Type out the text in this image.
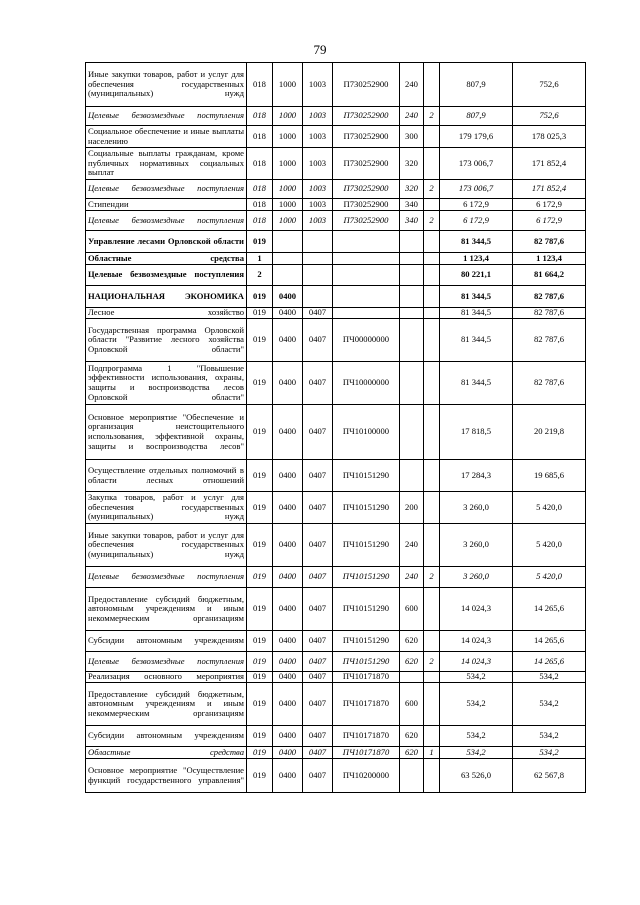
79
Иные закупки товаров, работ и услуг для обеспечения государственных (муниципальных) нужд	018	1000	1003	П730252900	240		807,9	752,6
Целевые безвозмездные поступления	018	1000	1003	П730252900	240	2	807,9	752,6
Социальное обеспечение и иные выплаты населению	018	1000	1003	П730252900	300		179 179,6	178 025,3
Социальные выплаты гражданам, кроме публичных нормативных социальных выплат	018	1000	1003	П730252900	320		173 006,7	171 852,4
Целевые безвозмездные поступления	018	1000	1003	П730252900	320	2	173 006,7	171 852,4
Стипендии	018	1000	1003	П730252900	340		6 172,9	6 172,9
Целевые безвозмездные поступления	018	1000	1003	П730252900	340	2	6 172,9	6 172,9
Управление лесами Орловской области	019						81 344,5	82 787,6
Областные средства	1						1 123,4	1 123,4
Целевые безвозмездные поступления	2						80 221,1	81 664,2
НАЦИОНАЛЬНАЯ ЭКОНОМИКА	019	0400					81 344,5	82 787,6
Лесное хозяйство	019	0400	0407				81 344,5	82 787,6
Государственная программа Орловской области "Развитие лесного хозяйства Орловской области"	019	0400	0407	ПЧ00000000			81 344,5	82 787,6
Подпрограмма 1 "Повышение эффективности использования, охраны, защиты и воспроизводства лесов Орловской области"	019	0400	0407	ПЧ10000000			81 344,5	82 787,6
Основное мероприятие "Обеспечение и организация неистощительного использования, эффективной охраны, защиты и воспроизводства лесов"	019	0400	0407	ПЧ10100000			17 818,5	20 219,8
Осуществление отдельных полномочий в области лесных отношений	019	0400	0407	ПЧ10151290			17 284,3	19 685,6
Закупка товаров, работ и услуг для обеспечения государственных (муниципальных) нужд	019	0400	0407	ПЧ10151290	200		3 260,0	5 420,0
Иные закупки товаров, работ и услуг для обеспечения государственных (муниципальных) нужд	019	0400	0407	ПЧ10151290	240		3 260,0	5 420,0
Целевые безвозмездные поступления	019	0400	0407	ПЧ10151290	240	2	3 260,0	5 420,0
Предоставление субсидий бюджетным, автономным учреждениям и иным некоммерческим организациям	019	0400	0407	ПЧ10151290	600		14 024,3	14 265,6
Субсидии автономным учреждениям	019	0400	0407	ПЧ10151290	620		14 024,3	14 265,6
Целевые безвозмездные поступления	019	0400	0407	ПЧ10151290	620	2	14 024,3	14 265,6
Реализация основного мероприятия	019	0400	0407	ПЧ10171870			534,2	534,2
Предоставление субсидий бюджетным, автономным учреждениям и иным некоммерческим организациям	019	0400	0407	ПЧ10171870	600		534,2	534,2
Субсидии автономным учреждениям	019	0400	0407	ПЧ10171870	620		534,2	534,2
Областные средства	019	0400	0407	ПЧ10171870	620	1	534,2	534,2
Основное мероприятие "Осуществление функций государственного управления"	019	0400	0407	ПЧ10200000			63 526,0	62 567,8
